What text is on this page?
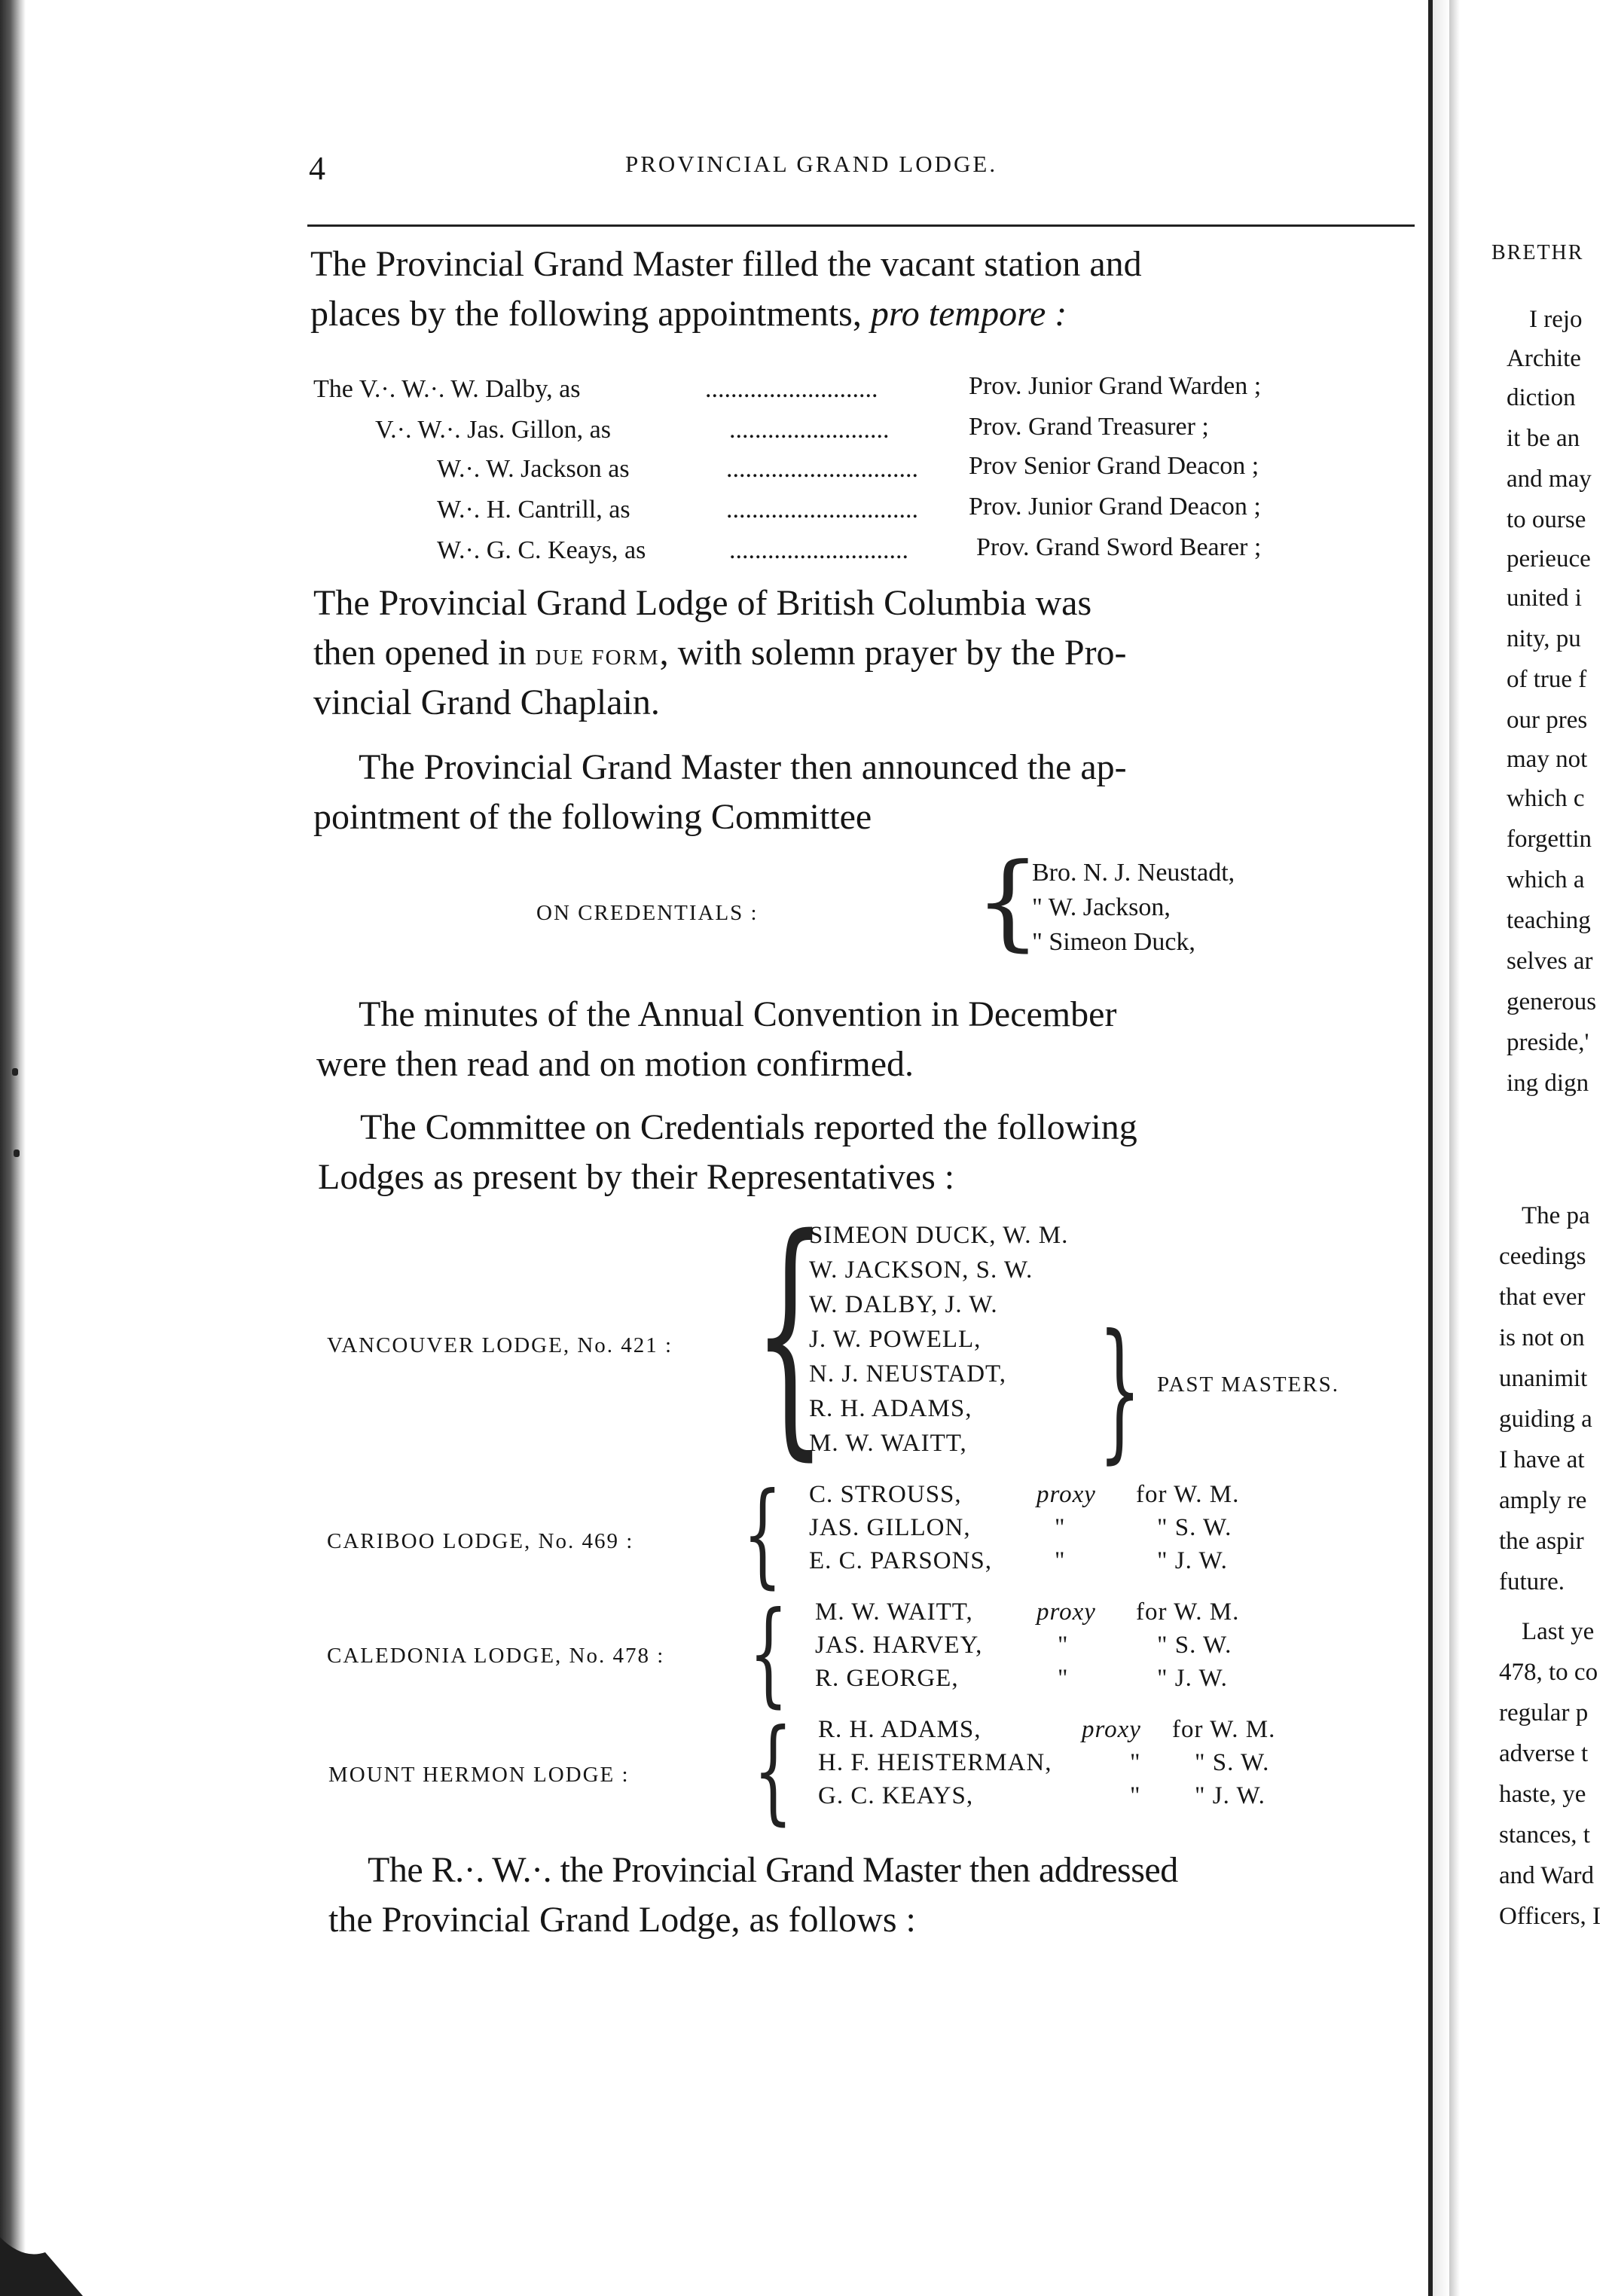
4	PROVINCIAL GRAND LODGE.
The Provincial Grand Master filled the vacant station and
places by the following appointments, pro tempore :
The V.·. W.·. W. Dalby, as	...........................	Prov. Junior Grand Warden ;
V.·. W.·. Jas. Gillon, as	.........................	Prov. Grand Treasurer ;
W.·. W. Jackson as	.............................. Prov Senior Grand Deacon ;
W.·. H. Cantrill, as	.............................. Prov. Junior Grand Deacon ;
W.·. G. C. Keays, as	............................	Prov. Grand Sword Bearer ;
The Provincial Grand Lodge of British Columbia was
then opened in DUE FORM, with solemn prayer by the Pro-
vincial Grand Chaplain.
The Provincial Grand Master then announced the ap-
pointment of the following Committee
ON CREDENTIALS : {
Bro. N. J. Neustadt,
" W. Jackson,
" Simeon Duck,
The minutes of the Annual Convention in December
were then read and on motion confirmed.
The Committee on Credentials reported the following
Lodges as present by their Representatives :
VANCOUVER LODGE, No. 421 : {
SIMEON DUCK, W. M.
W. JACKSON, S. W.
W. DALBY, J. W.
J. W. POWELL,
N. J. NEUSTADT,
R. H. ADAMS,
M. W. WAITT, } PAST MASTERS.
CARIBOO LODGE, No. 469 : { C. STROUSS,	proxy for W. M.
JAS. GILLON,	"	" S. W.
E. C. PARSONS,	"	" J. W.
CALEDONIA LODGE, No. 478 : { M. W. WAITT,	proxy for W. M.
JAS. HARVEY,	"	" S. W.
R. GEORGE,	"	" J. W.
MOUNT HERMON LODGE : { R. H. ADAMS,	proxy for W. M.
H. F. HEISTERMAN,	" " S. W.
G. C. KEAYS,	" " J. W.
The R.·. W.·. the Provincial Grand Master then addressed
the Provincial Grand Lodge, as follows :
BRETHR
I rejo
Archite
diction
it be an
and may
to ourse
perieuce
united i
nity, pu
of true f
our pres
may not
which c
forgettin
which a
teaching
selves ar
generous
preside,'
ing dign
The pa
ceedings
that ever
is not on
unanimit
guiding a
I have at
amply re
the aspir
future.
Last ye
478, to co
regular p
adverse t
haste, ye
stances, t
and Ward
Officers, I
